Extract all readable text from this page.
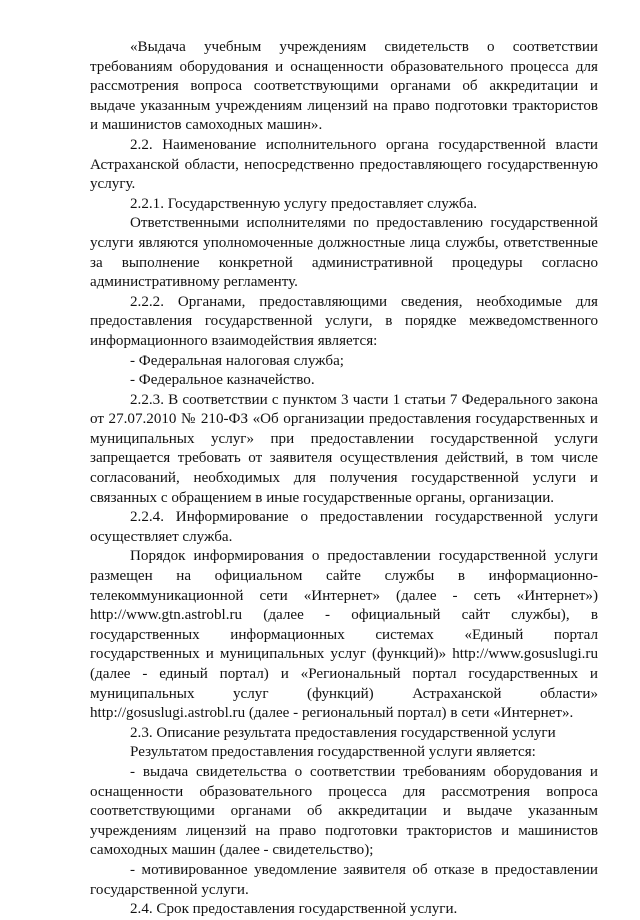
«Выдача учебным учреждениям свидетельств о соответствии требованиям оборудования и оснащенности образовательного процесса для рассмотрения вопроса соответствующими органами об аккредитации и выдаче указанным учреждениям лицензий на право подготовки трактористов и машинистов самоходных машин».

2.2. Наименование исполнительного органа государственной власти Астраханской области, непосредственно предоставляющего государственную услугу.

2.2.1. Государственную услугу предоставляет служба.

Ответственными исполнителями по предоставлению государственной услуги являются уполномоченные должностные лица службы, ответственные за выполнение конкретной административной процедуры согласно административному регламенту.

2.2.2. Органами, предоставляющими сведения, необходимые для предоставления государственной услуги, в порядке межведомственного информационного взаимодействия является:

- Федеральная налоговая служба;

- Федеральное казначейство.

2.2.3. В соответствии с пунктом 3 части 1 статьи 7 Федерального закона от 27.07.2010 № 210-ФЗ «Об организации предоставления государственных и муниципальных услуг» при предоставлении государственной услуги запрещается требовать от заявителя осуществления действий, в том числе согласований, необходимых для получения государственной услуги и связанных с обращением в иные государственные органы, организации.

2.2.4. Информирование о предоставлении государственной услуги осуществляет служба.

Порядок информирования о предоставлении государственной услуги размещен на официальном сайте службы в информационно-телекоммуникационной сети «Интернет» (далее - сеть «Интернет») http://www.gtn.astrobl.ru (далее - официальный сайт службы), в государственных информационных системах «Единый портал государственных и муниципальных услуг (функций)» http://www.gosuslugi.ru (далее - единый портал) и «Региональный портал государственных и муниципальных услуг (функций) Астраханской области» http://gosuslugi.astrobl.ru (далее - региональный портал) в сети «Интернет».

2.3. Описание результата предоставления государственной услуги

Результатом предоставления государственной услуги является:

- выдача свидетельства о соответствии требованиям оборудования и оснащенности образовательного процесса для рассмотрения вопроса соответствующими органами об аккредитации и выдаче указанным учреждениям лицензий на право подготовки трактористов и машинистов самоходных машин (далее - свидетельство);

- мотивированное уведомление заявителя об отказе в предоставлении государственной услуги.

2.4. Срок предоставления государственной услуги.
